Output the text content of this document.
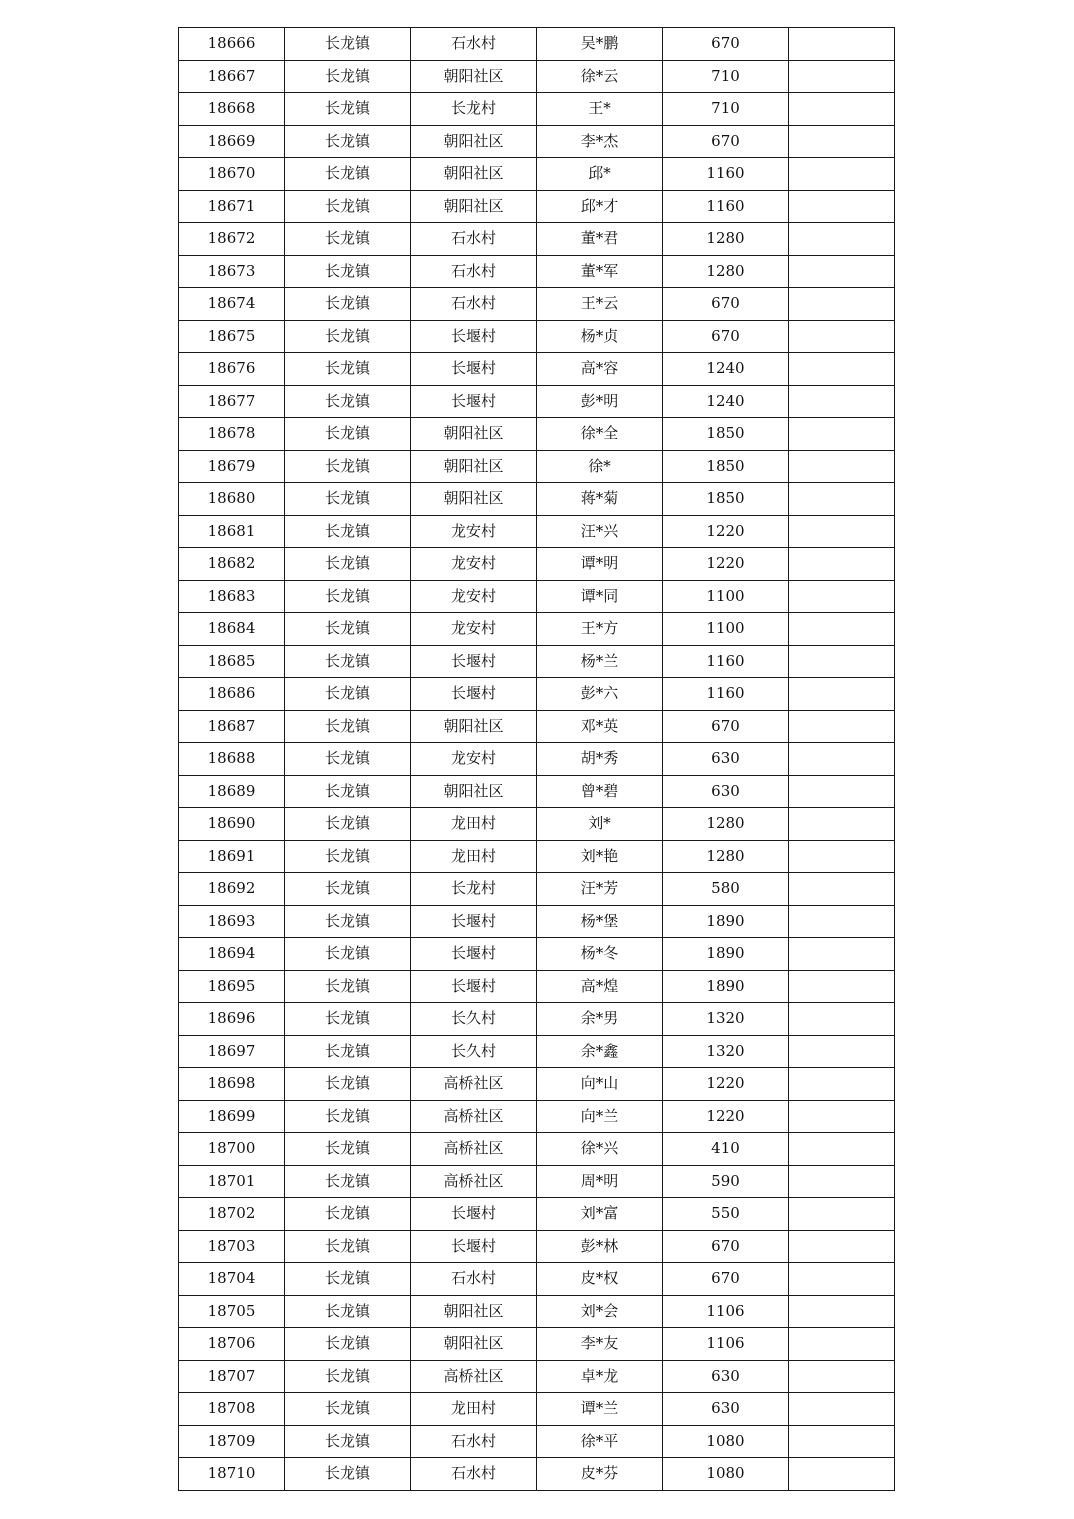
18666	长龙镇	石水村	吴*鹏	670	
18667	长龙镇	朝阳社区	徐*云	710	
18668	长龙镇	长龙村	王*	710	
18669	长龙镇	朝阳社区	李*杰	670	
18670	长龙镇	朝阳社区	邱*	1160	
18671	长龙镇	朝阳社区	邱*才	1160	
18672	长龙镇	石水村	董*君	1280	
18673	长龙镇	石水村	董*军	1280	
18674	长龙镇	石水村	王*云	670	
18675	长龙镇	长堰村	杨*贞	670	
18676	长龙镇	长堰村	高*容	1240	
18677	长龙镇	长堰村	彭*明	1240	
18678	长龙镇	朝阳社区	徐*全	1850	
18679	长龙镇	朝阳社区	徐*	1850	
18680	长龙镇	朝阳社区	蒋*菊	1850	
18681	长龙镇	龙安村	汪*兴	1220	
18682	长龙镇	龙安村	谭*明	1220	
18683	长龙镇	龙安村	谭*同	1100	
18684	长龙镇	龙安村	王*方	1100	
18685	长龙镇	长堰村	杨*兰	1160	
18686	长龙镇	长堰村	彭*六	1160	
18687	长龙镇	朝阳社区	邓*英	670	
18688	长龙镇	龙安村	胡*秀	630	
18689	长龙镇	朝阳社区	曾*碧	630	
18690	长龙镇	龙田村	刘*	1280	
18691	长龙镇	龙田村	刘*艳	1280	
18692	长龙镇	长龙村	汪*芳	580	
18693	长龙镇	长堰村	杨*堡	1890	
18694	长龙镇	长堰村	杨*冬	1890	
18695	长龙镇	长堰村	高*煌	1890	
18696	长龙镇	长久村	余*男	1320	
18697	长龙镇	长久村	余*鑫	1320	
18698	长龙镇	高桥社区	向*山	1220	
18699	长龙镇	高桥社区	向*兰	1220	
18700	长龙镇	高桥社区	徐*兴	410	
18701	长龙镇	高桥社区	周*明	590	
18702	长龙镇	长堰村	刘*富	550	
18703	长龙镇	长堰村	彭*林	670	
18704	长龙镇	石水村	皮*权	670	
18705	长龙镇	朝阳社区	刘*会	1106	
18706	长龙镇	朝阳社区	李*友	1106	
18707	长龙镇	高桥社区	卓*龙	630	
18708	长龙镇	龙田村	谭*兰	630	
18709	长龙镇	石水村	徐*平	1080	
18710	长龙镇	石水村	皮*芬	1080	
